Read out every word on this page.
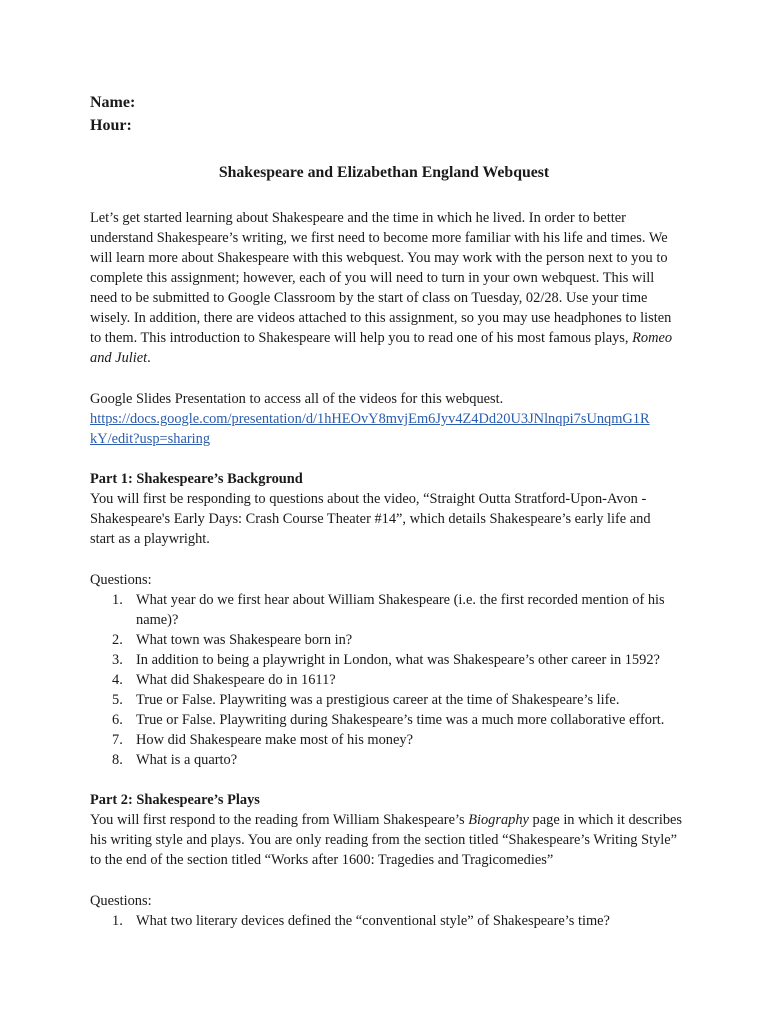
Name:
Hour:
Shakespeare and Elizabethan England Webquest

Let’s get started learning about Shakespeare and the time in which he lived. In order to better

understand Shakespeare’s writing, we first need to become more familiar with his life and times. We

will learn more about Shakespeare with this webquest. You may work with the person next to you to

complete this assignment; however, each of you will need to turn in your own webquest. This will

need to be submitted to Google Classroom by the start of class on Tuesday, 02/28. Use your time

wisely. In addition, there are videos attached to this assignment, so you may use headphones to listen

to them. This introduction to Shakespeare will help you to read one of his most famous plays, Romeo

and Juliet.

Google Slides Presentation to access all of the videos for this webquest.
https://docs.google.com/presentation/d/1hHEOvY8mvjEm6Jyv4Z4Dd20U3JNlnqpi7sUnqmG1R
kY/edit?usp=sharing
Part 1: Shakespeare’s Background

You will first be responding to questions about the video, “Straight Outta Stratford-Upon-Avon -

Shakespeare's Early Days: Crash Course Theater #14”, which details Shakespeare’s early life and

start as a playwright.

Questions:
1. What year do we first hear about William Shakespeare (i.e. the first recorded mention of his
name)?
2. What town was Shakespeare born in?
3. In addition to being a playwright in London, what was Shakespeare’s other career in 1592?
4. What did Shakespeare do in 1611?
5. True or False. Playwriting was a prestigious career at the time of Shakespeare’s life.
6. True or False. Playwriting during Shakespeare’s time was a much more collaborative effort.
7. How did Shakespeare make most of his money?
8. What is a quarto?
Part 2: Shakespeare’s Plays

You will first respond to the reading from William Shakespeare’s Biography page in which it describes

his writing style and plays. You are only reading from the section titled “Shakespeare’s Writing Style”

to the end of the section titled “Works after 1600: Tragedies and Tragicomedies”

Questions:
1. What two literary devices defined the “conventional style” of Shakespeare’s time?
